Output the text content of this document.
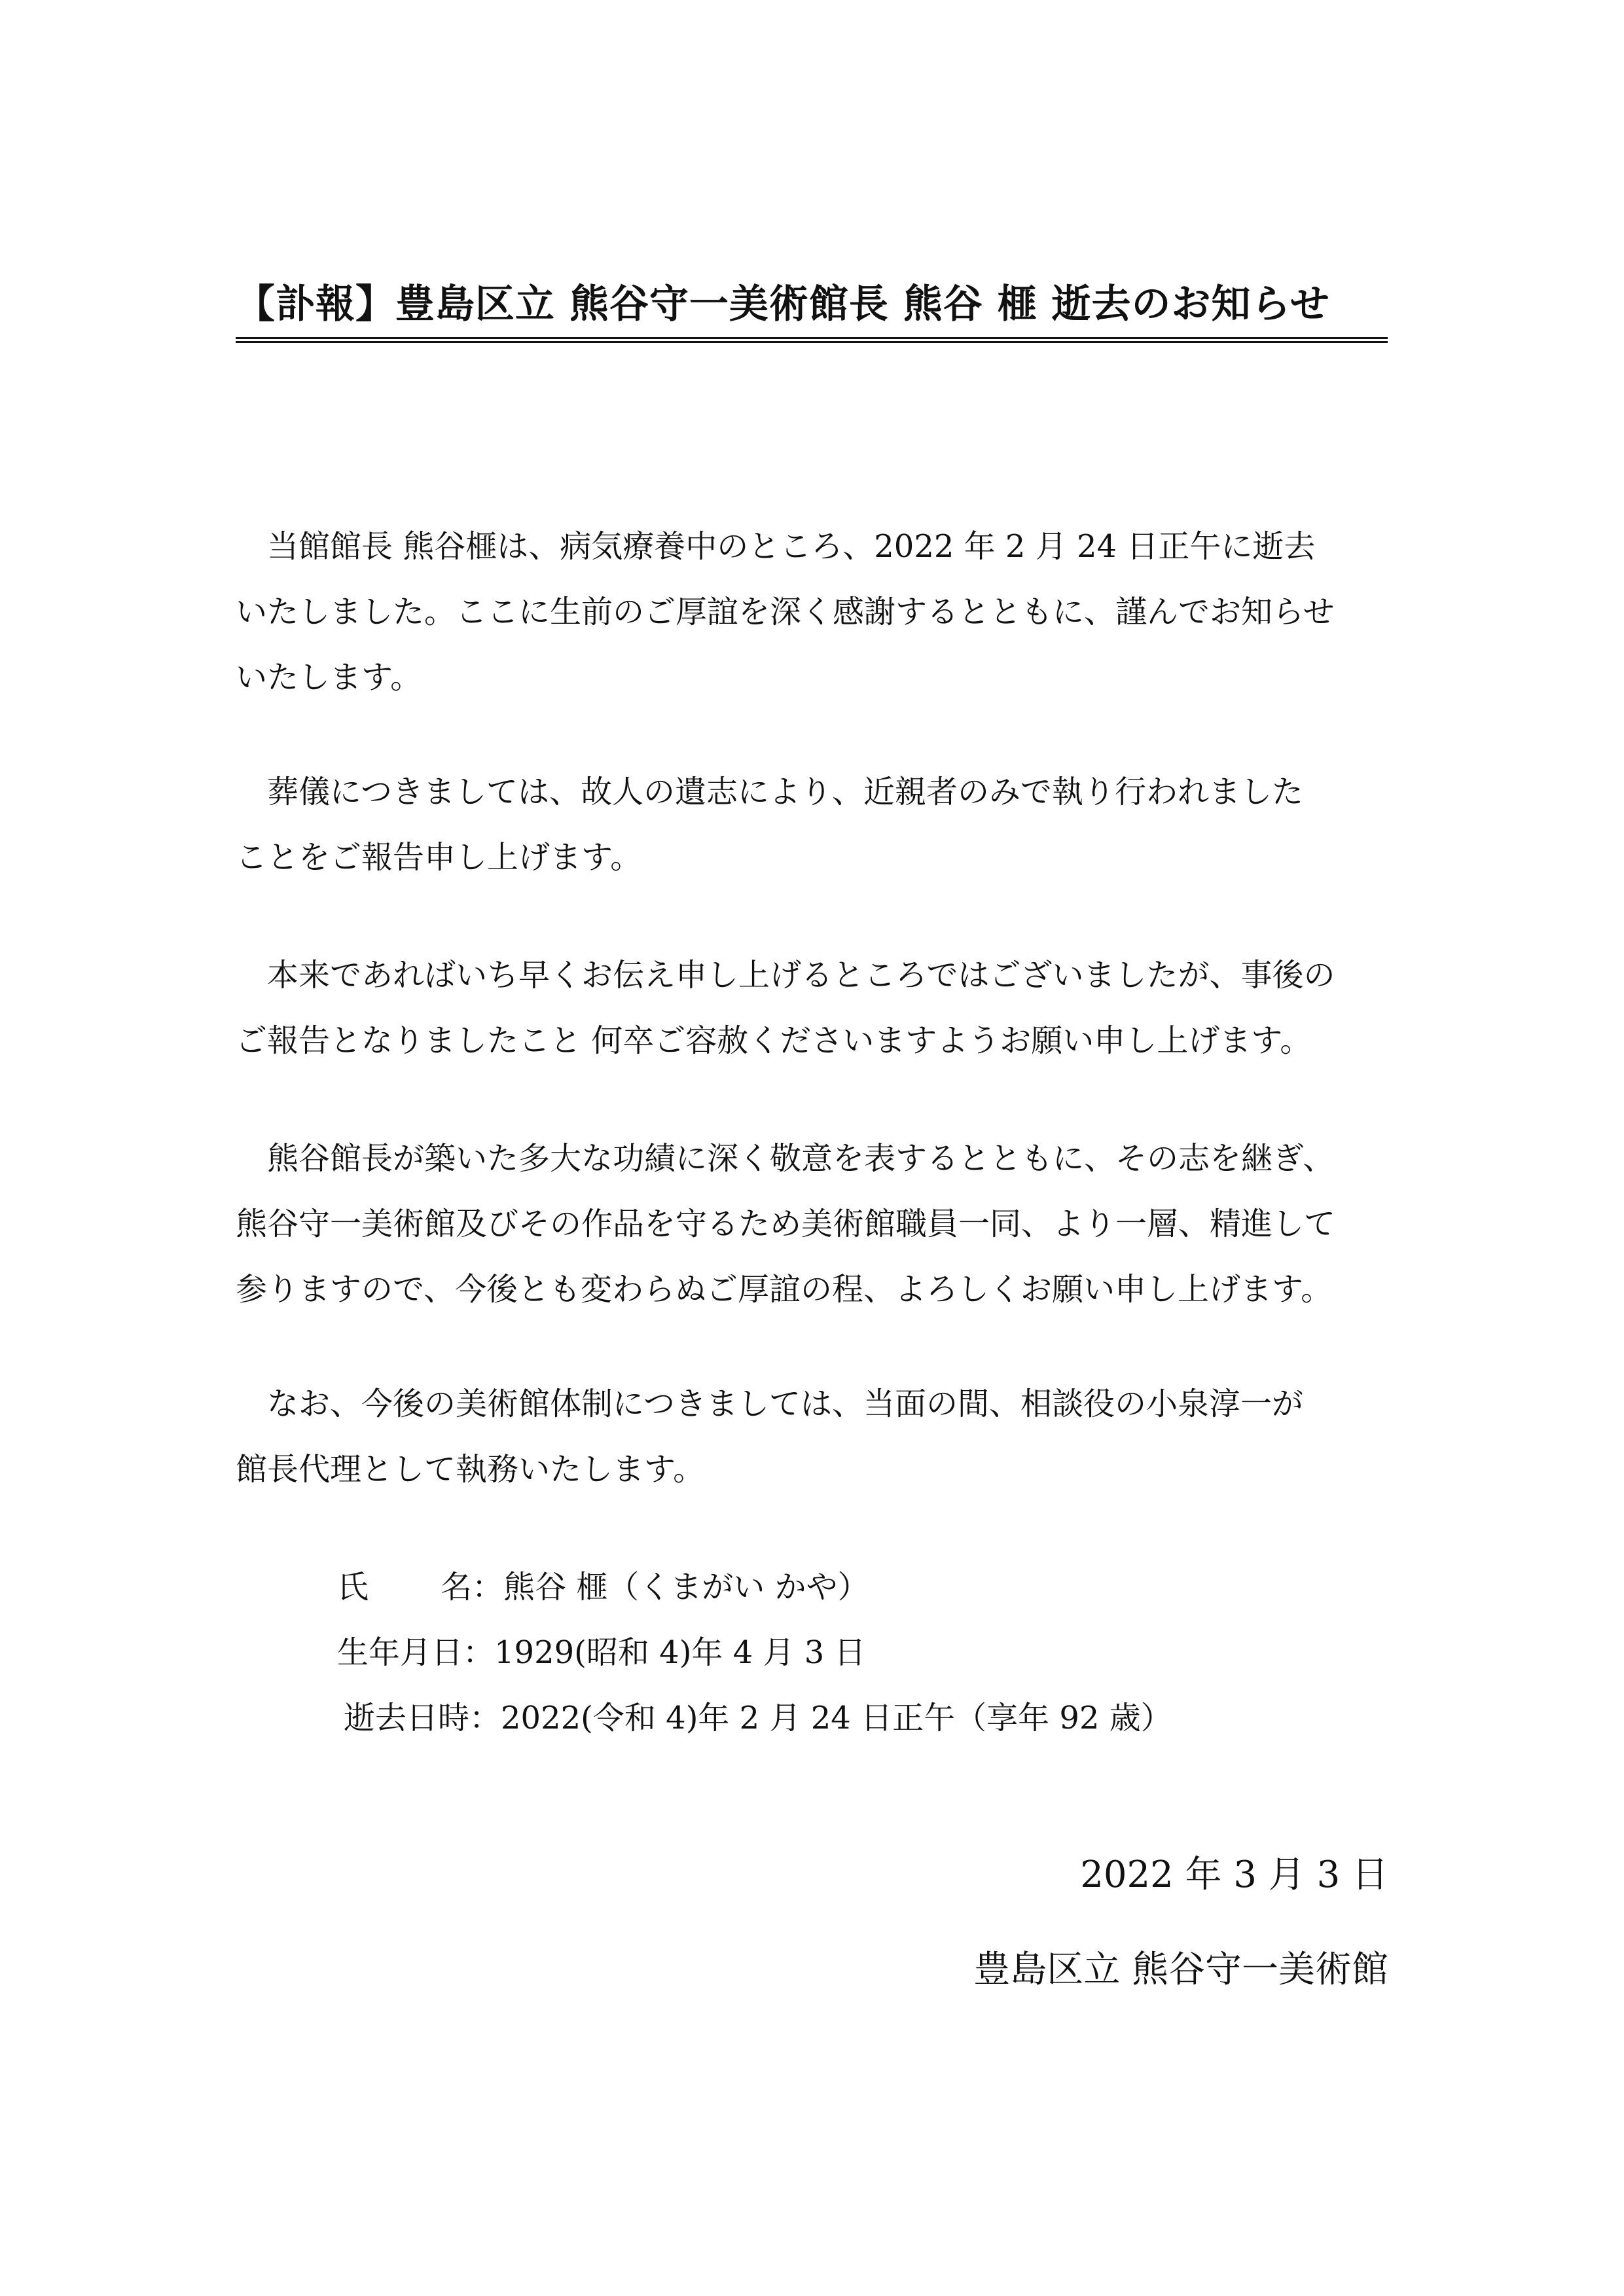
【訃報】豊島区立 熊谷守一美術館長 熊谷 榧 逝去のお知らせ

当館館長 熊谷榧は、病気療養中のところ、2022 年 2 月 24 日正午に逝去

いたしました。ここに生前のご厚誼を深く感謝するとともに、謹んでお知らせ
いたします。

葬儀につきましては、故人の遺志により、近親者のみで執り行われました

ことをご報告申し上げます。

本来であればいち早くお伝え申し上げるところではございましたが、事後の

ご報告となりましたこと 何卒ご容赦くださいますようお願い申し上げます。

熊谷館長が築いた多大な功績に深く敬意を表するとともに、その志を継ぎ、

熊谷守一美術館及びその作品を守るため美術館職員一同、より一層、精進して
参りますので、今後とも変わらぬご厚誼の程、よろしくお願い申し上げます。

なお、今後の美術館体制につきましては、当面の間、相談役の小泉淳一が

館長代理として執務いたします。
氏 名：熊谷 榧（くまがい かや）
生年月日：1929(昭和 4)年 4 月 3 日
逝去日時：2022(令和 4)年 2 月 24 日正午（享年 92 歳）
2022 年 3 月 3 日
豊島区立 熊谷守一美術館
